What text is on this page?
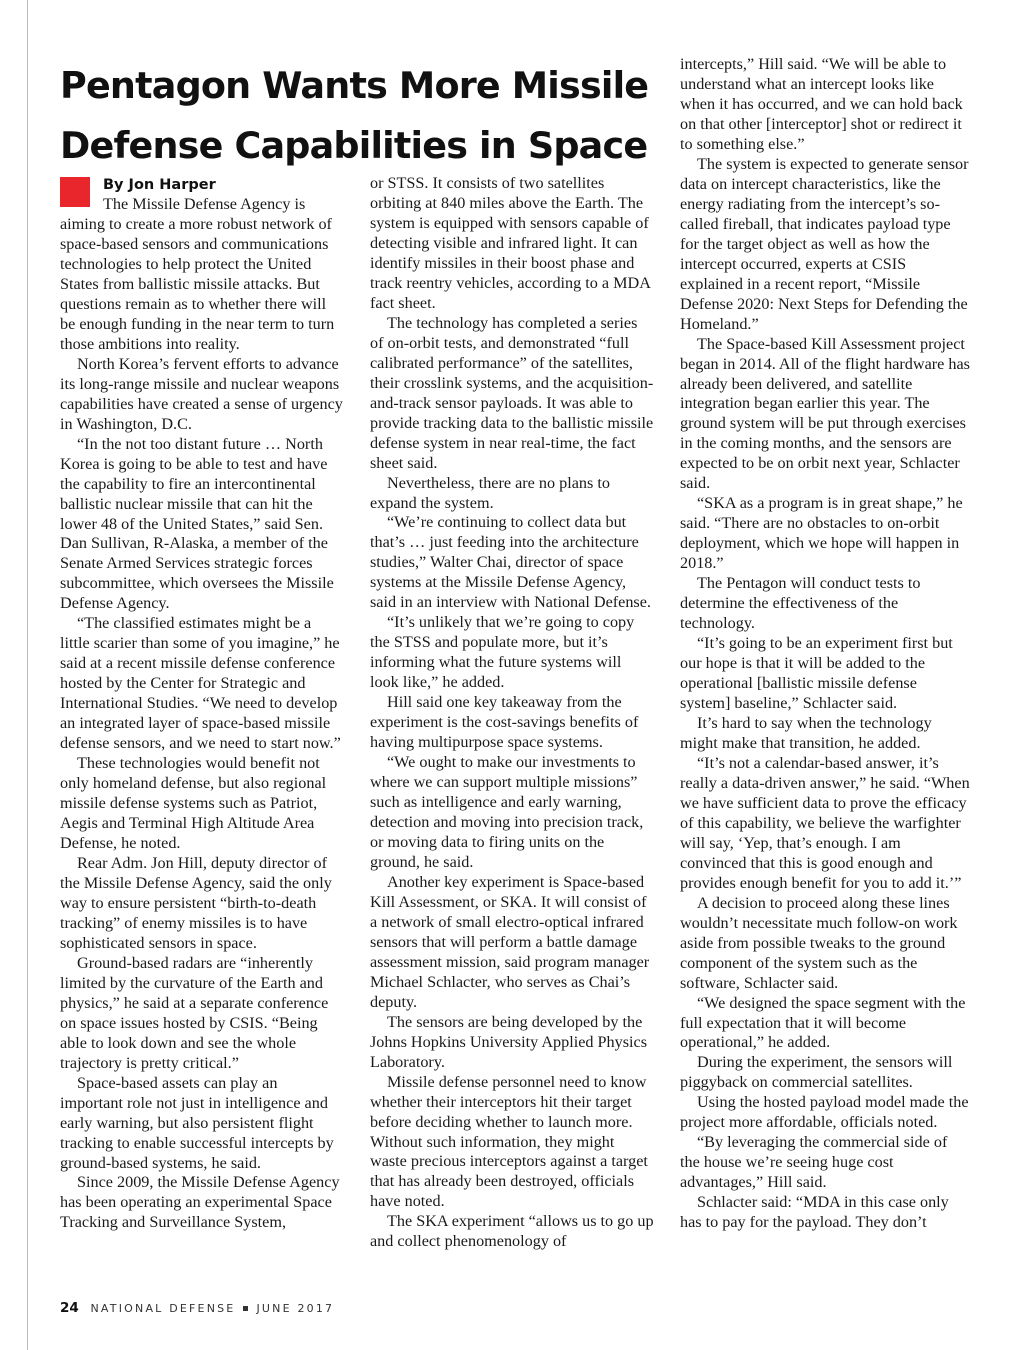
Pentagon Wants More Missile
Defense Capabilities in Space
By Jon Harper

The Missile Defense Agency is aiming to create a more robust network of space-based sensors and communications technologies to help protect the United States from ballistic missile attacks. But questions remain as to whether there will be enough funding in the near term to turn those ambitions into reality.

North Korea’s fervent efforts to advance its long-range missile and nuclear weapons capabilities have created a sense of urgency in Washington, D.C.

“In the not too distant future … North Korea is going to be able to test and have the capability to fire an intercontinental ballistic nuclear missile that can hit the lower 48 of the United States,” said Sen. Dan Sullivan, R-Alaska, a member of the Senate Armed Services strategic forces subcommittee, which oversees the Missile Defense Agency.

“The classified estimates might be a little scarier than some of you imagine,” he said at a recent missile defense conference hosted by the Center for Strategic and International Studies. “We need to develop an integrated layer of space-based missile defense sensors, and we need to start now.”

These technologies would benefit not only homeland defense, but also regional missile defense systems such as Patriot, Aegis and Terminal High Altitude Area Defense, he noted.

Rear Adm. Jon Hill, deputy director of the Missile Defense Agency, said the only way to ensure persistent “birth-to-death tracking” of enemy missiles is to have sophisticated sensors in space.

Ground-based radars are “inherently limited by the curvature of the Earth and physics,” he said at a separate conference on space issues hosted by CSIS. “Being able to look down and see the whole trajectory is pretty critical.”

Space-based assets can play an important role not just in intelligence and early warning, but also persistent flight tracking to enable successful intercepts by ground-based systems, he said.

Since 2009, the Missile Defense Agency has been operating an experimental Space Tracking and Surveillance System,

or STSS. It consists of two satellites orbiting at 840 miles above the Earth. The system is equipped with sensors capable of detecting visible and infrared light. It can identify missiles in their boost phase and track reentry vehicles, according to a MDA fact sheet.

The technology has completed a series of on-orbit tests, and demonstrated “full calibrated performance” of the satellites, their crosslink systems, and the acquisition-and-track sensor payloads. It was able to provide tracking data to the ballistic missile defense system in near real-time, the fact sheet said.

Nevertheless, there are no plans to expand the system.

“We’re continuing to collect data but that’s … just feeding into the architecture studies,” Walter Chai, director of space systems at the Missile Defense Agency, said in an interview with National Defense.

“It’s unlikely that we’re going to copy the STSS and populate more, but it’s informing what the future systems will look like,” he added.

Hill said one key takeaway from the experiment is the cost-savings benefits of having multipurpose space systems.

“We ought to make our investments to where we can support multiple missions” such as intelligence and early warning, detection and moving into precision track, or moving data to firing units on the ground, he said.

Another key experiment is Space-based Kill Assessment, or SKA. It will consist of a network of small electro-optical infrared sensors that will perform a battle damage assessment mission, said program manager Michael Schlacter, who serves as Chai’s deputy.

The sensors are being developed by the Johns Hopkins University Applied Physics Laboratory.

Missile defense personnel need to know whether their interceptors hit their target before deciding whether to launch more. Without such information, they might waste precious interceptors against a target that has already been destroyed, officials have noted.

The SKA experiment “allows us to go up and collect phenomenology of

intercepts,” Hill said. “We will be able to understand what an intercept looks like when it has occurred, and we can hold back on that other [interceptor] shot or redirect it to something else.”

The system is expected to generate sensor data on intercept characteristics, like the energy radiating from the intercept’s so-called fireball, that indicates payload type for the target object as well as how the intercept occurred, experts at CSIS explained in a recent report, “Missile Defense 2020: Next Steps for Defending the Homeland.”

The Space-based Kill Assessment project began in 2014. All of the flight hardware has already been delivered, and satellite integration began earlier this year. The ground system will be put through exercises in the coming months, and the sensors are expected to be on orbit next year, Schlacter said.

“SKA as a program is in great shape,” he said. “There are no obstacles to on-orbit deployment, which we hope will happen in 2018.”

The Pentagon will conduct tests to determine the effectiveness of the technology.

“It’s going to be an experiment first but our hope is that it will be added to the operational [ballistic missile defense system] baseline,” Schlacter said.

It’s hard to say when the technology might make that transition, he added.

“It’s not a calendar-based answer, it’s really a data-driven answer,” he said. “When we have sufficient data to prove the efficacy of this capability, we believe the warfighter will say, ‘Yep, that’s enough. I am convinced that this is good enough and provides enough benefit for you to add it.’”

A decision to proceed along these lines wouldn’t necessitate much follow-on work aside from possible tweaks to the ground component of the system such as the software, Schlacter said.

“We designed the space segment with the full expectation that it will become operational,” he added.

During the experiment, the sensors will piggyback on commercial satellites.

Using the hosted payload model made the project more affordable, officials noted.

“By leveraging the commercial side of the house we’re seeing huge cost advantages,” Hill said.

Schlacter said: “MDA in this case only has to pay for the payload. They don’t

24 NATIONAL DEFENSE JUNE 2017
